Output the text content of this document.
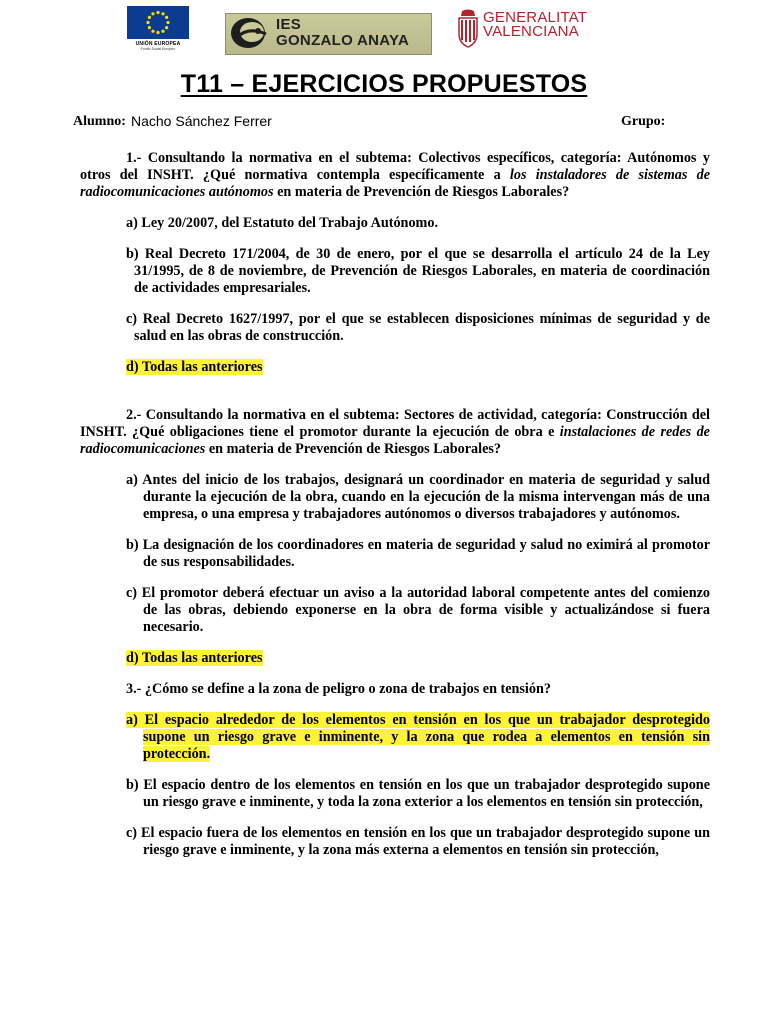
UNIÓN EUROPEA
Fondo Social Europeo
IES
GONZALO ANAYA
GENERALITAT
VALENCIANA
T11 – EJERCICIOS PROPUESTOS
Alumno: Nacho Sánchez Ferrer	Grupo:

1.- Consultando la normativa en el subtema: Colectivos específicos, categoría: Autónomos y otros del INSHT. ¿Qué normativa contempla específicamente a los instaladores de sistemas de radiocomunicaciones autónomos en materia de Prevención de Riesgos Laborales?

a) Ley 20/2007, del Estatuto del Trabajo Autónomo.

b) Real Decreto 171/2004, de 30 de enero, por el que se desarrolla el artículo 24 de la Ley 31/1995, de 8 de noviembre, de Prevención de Riesgos Laborales, en materia de coordinación de actividades empresariales.

c) Real Decreto 1627/1997, por el que se establecen disposiciones mínimas de seguridad y de salud en las obras de construcción.

d) Todas las anteriores

2.- Consultando la normativa en el subtema: Sectores de actividad, categoría: Construcción del INSHT. ¿Qué obligaciones tiene el promotor durante la ejecución de obra e instalaciones de redes de radiocomunicaciones en materia de Prevención de Riesgos Laborales?

a) Antes del inicio de los trabajos, designará un coordinador en materia de seguridad y salud durante la ejecución de la obra, cuando en la ejecución de la misma intervengan más de una empresa, o una empresa y trabajadores autónomos o diversos trabajadores y autónomos.

b) La designación de los coordinadores en materia de seguridad y salud no eximirá al promotor de sus responsabilidades.

c) El promotor deberá efectuar un aviso a la autoridad laboral competente antes del comienzo de las obras, debiendo exponerse en la obra de forma visible y actualizándose si fuera necesario.

d) Todas las anteriores

3.- ¿Cómo se define a la zona de peligro o zona de trabajos en tensión?

a) El espacio alrededor de los elementos en tensión en los que un trabajador desprotegido supone un riesgo grave e inminente, y la zona que rodea a elementos en tensión sin protección.

b) El espacio dentro de los elementos en tensión en los que un trabajador desprotegido supone un riesgo grave e inminente, y toda la zona exterior a los elementos en tensión sin protección,

c) El espacio fuera de los elementos en tensión en los que un trabajador desprotegido supone un riesgo grave e inminente, y la zona más externa a elementos en tensión sin protección,
